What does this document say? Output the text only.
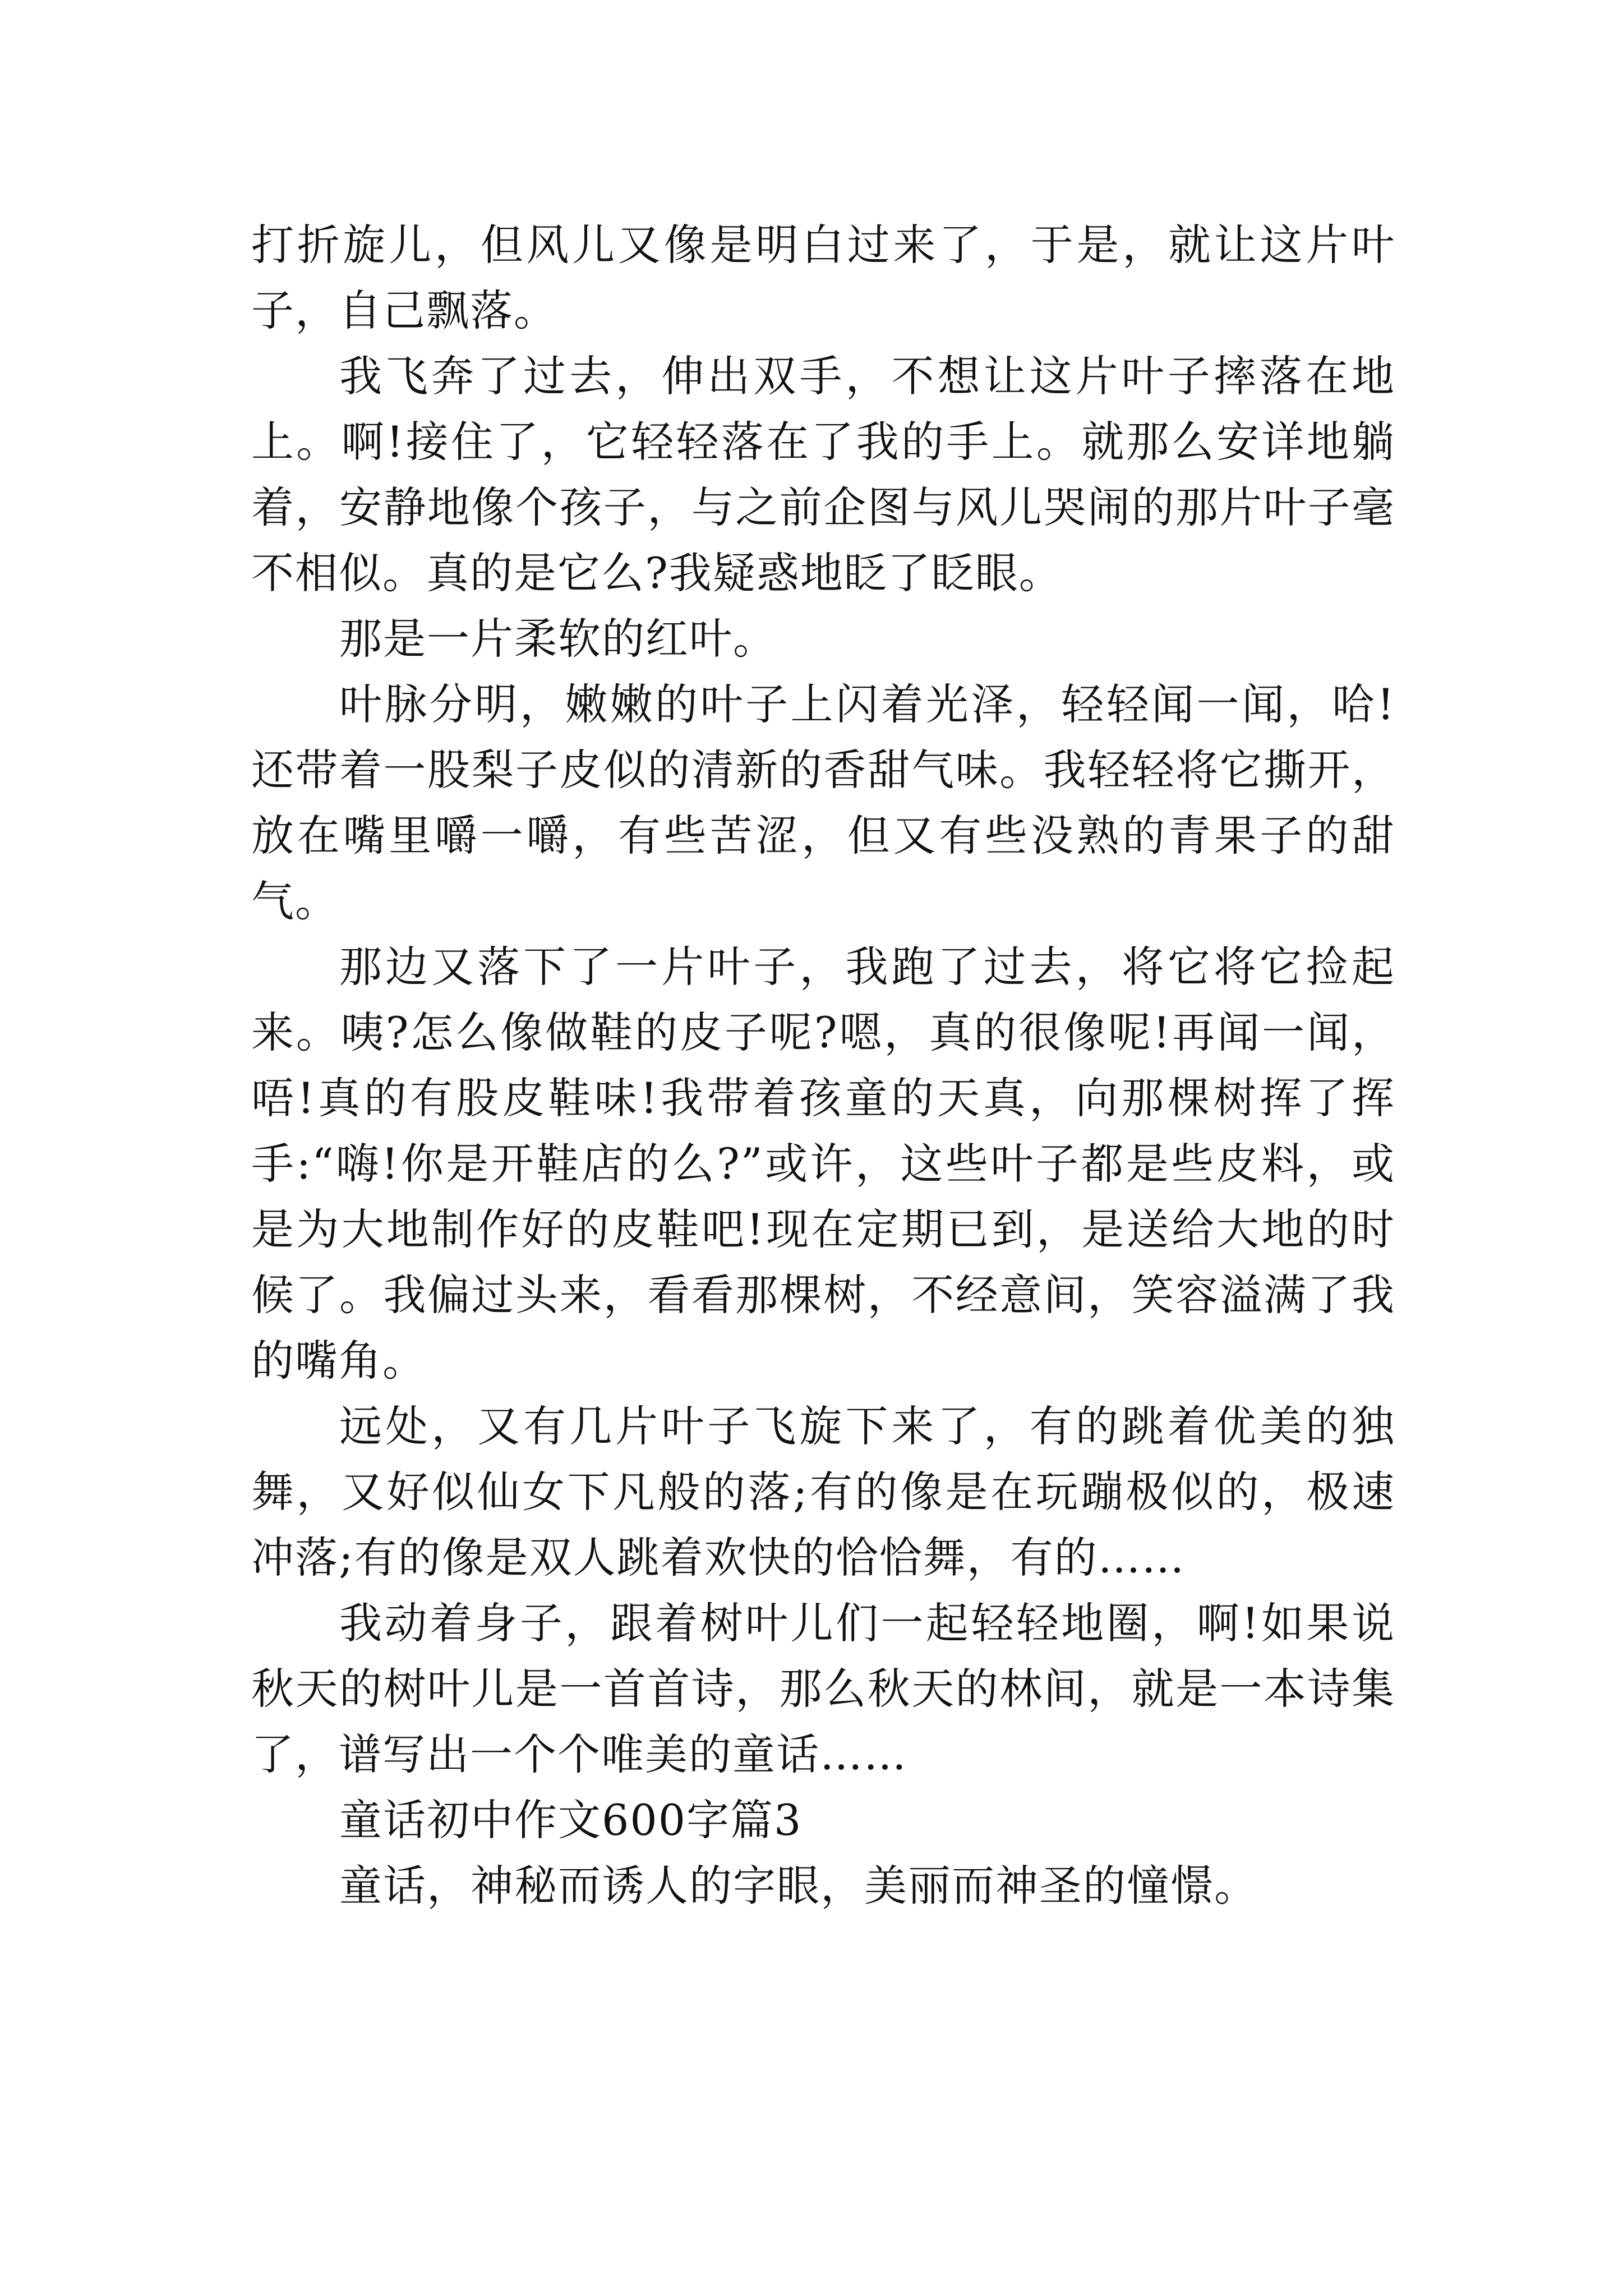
打折旋儿，但风儿又像是明白过来了，于是，就让这片叶子，自己飘落。

我飞奔了过去，伸出双手，不想让这片叶子摔落在地上。啊!接住了，它轻轻落在了我的手上。就那么安详地躺着，安静地像个孩子，与之前企图与风儿哭闹的那片叶子毫不相似。真的是它么?我疑惑地眨了眨眼。

那是一片柔软的红叶。

叶脉分明，嫩嫩的叶子上闪着光泽，轻轻闻一闻，哈!还带着一股梨子皮似的清新的香甜气味。我轻轻将它撕开，放在嘴里嚼一嚼，有些苦涩，但又有些没熟的青果子的甜气。

那边又落下了一片叶子，我跑了过去，将它将它捡起来。咦?怎么像做鞋的皮子呢?嗯，真的很像呢!再闻一闻，唔!真的有股皮鞋味!我带着孩童的天真，向那棵树挥了挥手:“嗨!你是开鞋店的么?”或许，这些叶子都是些皮料，或是为大地制作好的皮鞋吧!现在定期已到，是送给大地的时候了。我偏过头来，看看那棵树，不经意间，笑容溢满了我的嘴角。

远处，又有几片叶子飞旋下来了，有的跳着优美的独舞，又好似仙女下凡般的落;有的像是在玩蹦极似的，极速冲落;有的像是双人跳着欢快的恰恰舞，有的……

我动着身子，跟着树叶儿们一起轻轻地圈，啊!如果说秋天的树叶儿是一首首诗，那么秋天的林间，就是一本诗集了，谱写出一个个唯美的童话……

童话初中作文600字篇3

童话，神秘而诱人的字眼，美丽而神圣的憧憬。
